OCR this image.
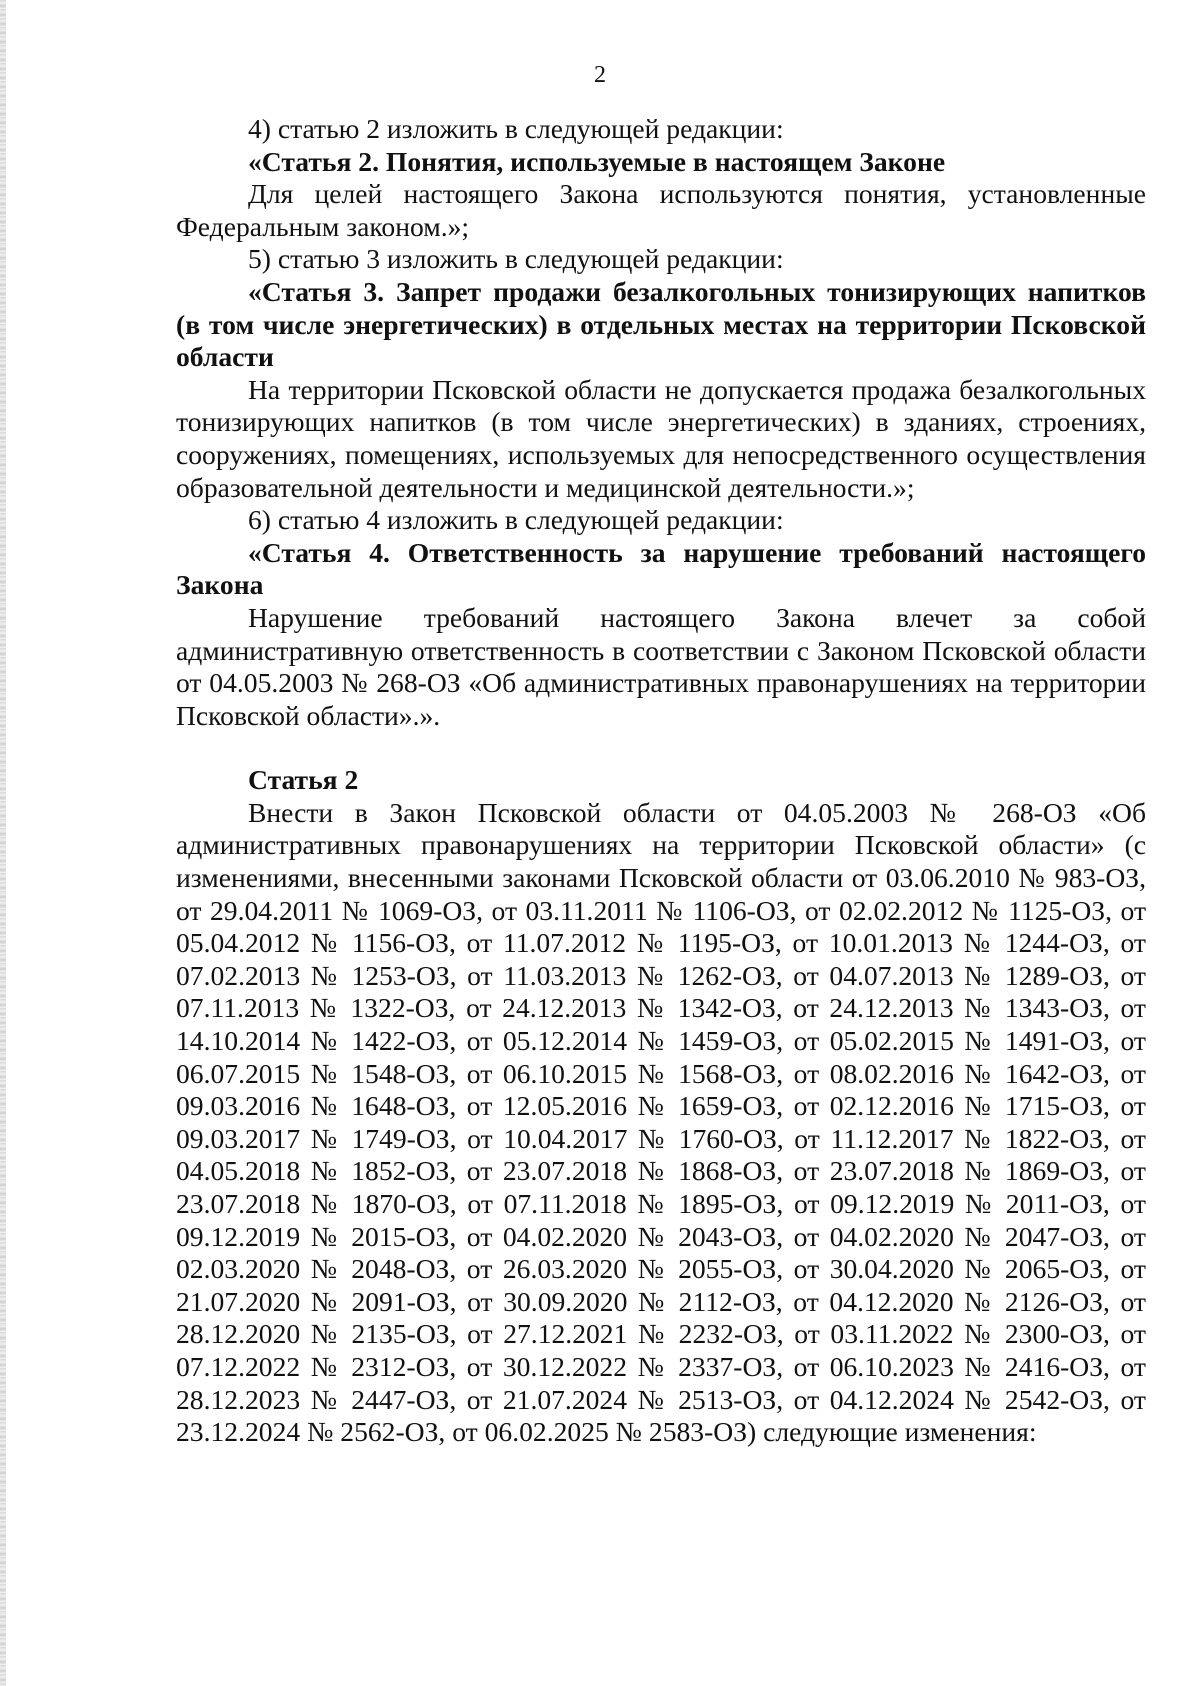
2

4) статью 2 изложить в следующей редакции:

«Статья 2. Понятия, используемые в настоящем Законе

Для целей настоящего Закона используются понятия, установленные Федеральным законом.»;

5) статью 3 изложить в следующей редакции:

«Статья 3. Запрет продажи безалкогольных тонизирующих напитков (в том числе энергетических) в отдельных местах на территории Псковской области

На территории Псковской области не допускается продажа безалкогольных тонизирующих напитков (в том числе энергетических) в зданиях, строениях, сооружениях, помещениях, используемых для непосредственного осуществления образовательной деятельности и медицинской деятельности.»;

6) статью 4 изложить в следующей редакции:

«Статья 4. Ответственность за нарушение требований настоящего Закона

Нарушение требований настоящего Закона влечет за собой административную ответственность в соответствии с Законом Псковской области от 04.05.2003 № 268-ОЗ «Об административных правонарушениях на территории Псковской области».».

Статья 2

Внести в Закон Псковской области от 04.05.2003 № 268-ОЗ «Об административных правонарушениях на территории Псковской области» (с изменениями, внесенными законами Псковской области от 03.06.2010 № 983-ОЗ, от 29.04.2011 № 1069-ОЗ, от 03.11.2011 № 1106-ОЗ, от 02.02.2012 № 1125-ОЗ, от 05.04.2012 № 1156-ОЗ, от 11.07.2012 № 1195-ОЗ, от 10.01.2013 № 1244-ОЗ, от 07.02.2013 № 1253-ОЗ, от 11.03.2013 № 1262-ОЗ, от 04.07.2013 № 1289-ОЗ, от 07.11.2013 № 1322-ОЗ, от 24.12.2013 № 1342-ОЗ, от 24.12.2013 № 1343-ОЗ, от 14.10.2014 № 1422-ОЗ, от 05.12.2014 № 1459-ОЗ, от 05.02.2015 № 1491-ОЗ, от 06.07.2015 № 1548-ОЗ, от 06.10.2015 № 1568-ОЗ, от 08.02.2016 № 1642-ОЗ, от 09.03.2016 № 1648-ОЗ, от 12.05.2016 № 1659-ОЗ, от 02.12.2016 № 1715-ОЗ, от 09.03.2017 № 1749-ОЗ, от 10.04.2017 № 1760-ОЗ, от 11.12.2017 № 1822-ОЗ, от 04.05.2018 № 1852-ОЗ, от 23.07.2018 № 1868-ОЗ, от 23.07.2018 № 1869-ОЗ, от 23.07.2018 № 1870-ОЗ, от 07.11.2018 № 1895-ОЗ, от 09.12.2019 № 2011-ОЗ, от 09.12.2019 № 2015-ОЗ, от 04.02.2020 № 2043-ОЗ, от 04.02.2020 № 2047-ОЗ, от 02.03.2020 № 2048-ОЗ, от 26.03.2020 № 2055-ОЗ, от 30.04.2020 № 2065-ОЗ, от 21.07.2020 № 2091-ОЗ, от 30.09.2020 № 2112-ОЗ, от 04.12.2020 № 2126-ОЗ, от 28.12.2020 № 2135-ОЗ, от 27.12.2021 № 2232-ОЗ, от 03.11.2022 № 2300-ОЗ, от 07.12.2022 № 2312-ОЗ, от 30.12.2022 № 2337-ОЗ, от 06.10.2023 № 2416-ОЗ, от 28.12.2023 № 2447-ОЗ, от 21.07.2024 № 2513-ОЗ, от 04.12.2024 № 2542-ОЗ, от 23.12.2024 № 2562-ОЗ, от 06.02.2025 № 2583-ОЗ) следующие изменения:
